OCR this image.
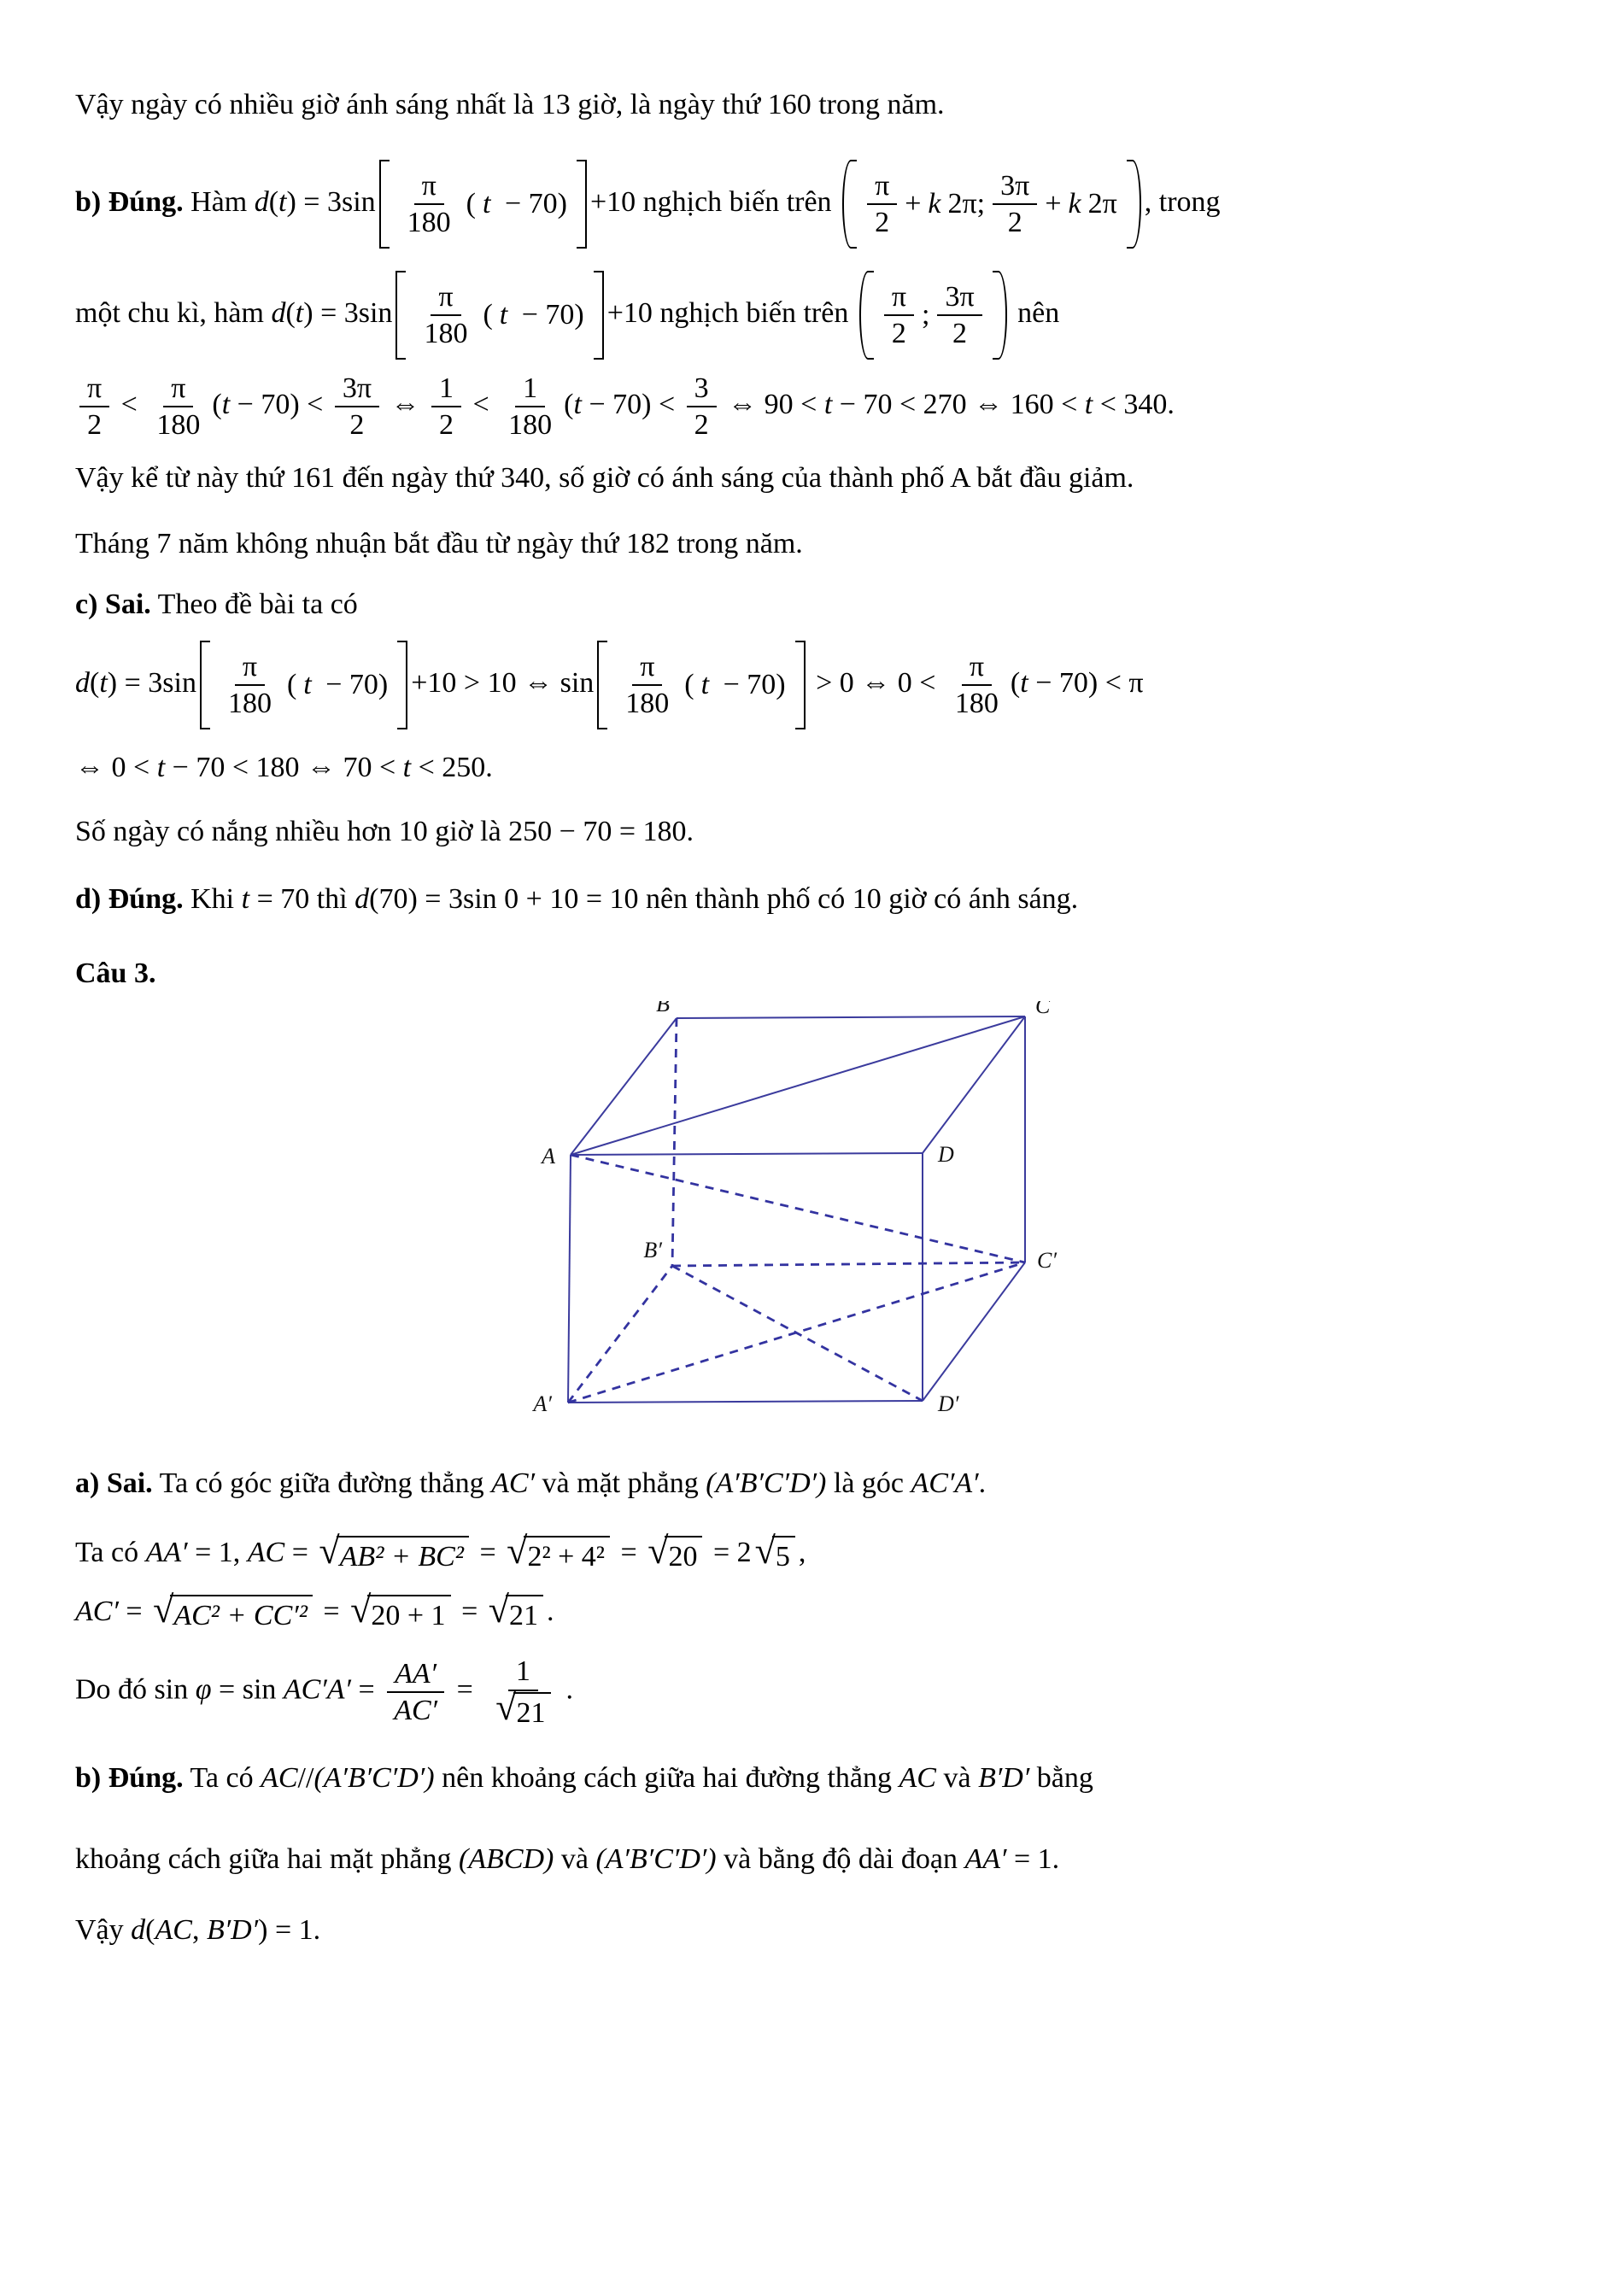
Vậy ngày có nhiều giờ ánh sáng nhất là 13 giờ, là ngày thứ 160 trong năm.
b) Đúng. Hàm $d(t) = 3\sin \frac{\pi}{180}$ ( t − 70) +10 nghịch biến trên $\frac{\pi}{2} + k$ 2π; $\frac{3\pi}{2} + k$ 2π , trong
một chu kì, hàm $d(t) = 3\sin \frac{\pi}{180}$ ( t − 70) +10 nghịch biến trên $\frac{\pi}{2}$ ; $\frac{3\pi}{2}$ nên
$\frac{\pi}{2} < \frac{\pi}{180} (t - 70) < \frac{3\pi}{2}$ ⇔ $\frac{1}{2} < \frac{1}{180} (t - 70) < \frac{3}{2}$ ⇔ 90 < t − 70 < 270 ⇔ 160 < t < 340.
Vậy kể từ này thứ 161 đến ngày thứ 340, số giờ có ánh sáng của thành phố A bắt đầu giảm.
Tháng 7 năm không nhuận bắt đầu từ ngày thứ 182 trong năm.
c) Sai. Theo đề bài ta có
$d(t) = 3\sin \frac{\pi}{180}$ ( t − 70) +10 > 10 ⇔ $\sin \frac{\pi}{180}$ ( t − 70) > 0 ⇔ $0 < \frac{\pi}{180} (t - 70) < \pi$
⇔ 0 < t − 70 < 180 ⇔ 70 < t < 250.
Số ngày có nắng nhiều hơn 10 giờ là 250 − 70 = 180.
d) Đúng. Khi t = 70 thì d(70) = 3sin 0 + 10 = 10 nên thành phố có 10 giờ có ánh sáng.
Câu 3.
A
B	C
D
A′
B′	C′
D′
a) Sai. Ta có góc giữa đường thẳng AC′ và mặt phẳng (A′B′C′D′) là góc AC′A′.
Ta có AA′ = 1, AC = √ AB² + BC² = √ 2² + 4² = √ 20 = 2 √ 5 ,
AC′ = √ AC² + CC′² = √ 20 + 1 = √ 21 .
Do đó $\sin \varphi = \sin AC'A' = \frac{AA'}{AC'} = \frac{1}{√ 21}$ .
b) Đúng. Ta có AC//(A′B′C′D′) nên khoảng cách giữa hai đường thẳng AC và B′D′ bằng
khoảng cách giữa hai mặt phẳng (ABCD) và (A′B′C′D′) và bằng độ dài đoạn AA′ = 1.
Vậy d(AC, B′D′) = 1.
